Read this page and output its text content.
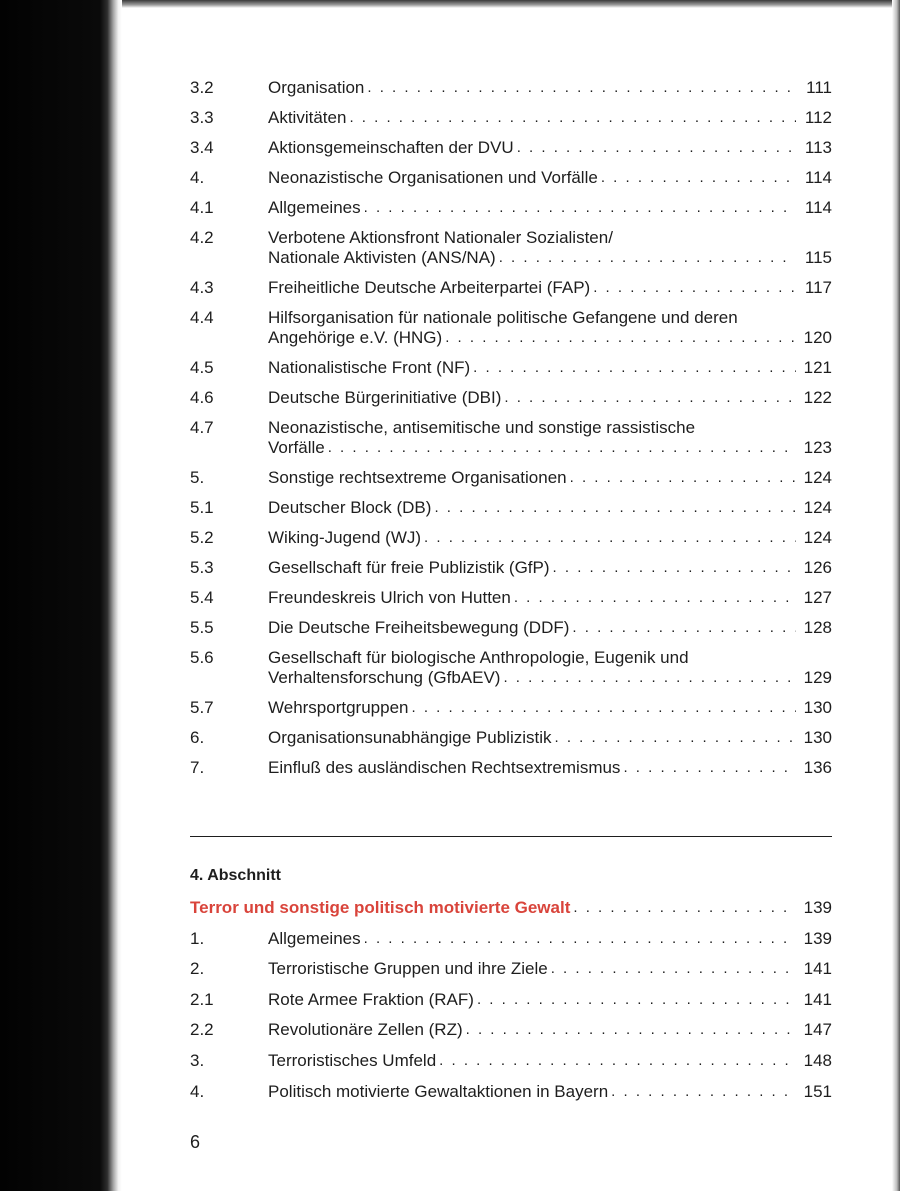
3.2	Organisation . . .	111
3.3	Aktivitäten . . .	112
3.4	Aktionsgemeinschaften der DVU . . .	113
4.	Neonazistische Organisationen und Vorfälle . . .	114
4.1	Allgemeines . . .	114
4.2	Verbotene Aktionsfront Nationaler Sozialisten/
Nationale Aktivisten (ANS/NA) . . .	115
4.3	Freiheitliche Deutsche Arbeiterpartei (FAP) . . .	117
4.4	Hilfsorganisation für nationale politische Gefangene und deren
Angehörige e.V. (HNG) . . .	120
4.5	Nationalistische Front (NF) . . .	121
4.6	Deutsche Bürgerinitiative (DBI) . . .	122
4.7	Neonazistische, antisemitische und sonstige rassistische
Vorfälle . . .	123
5.	Sonstige rechtsextreme Organisationen . . .	124
5.1	Deutscher Block (DB) . . .	124
5.2	Wiking-Jugend (WJ) . . .	124
5.3	Gesellschaft für freie Publizistik (GfP) . . .	126
5.4	Freundeskreis Ulrich von Hutten . . .	127
5.5	Die Deutsche Freiheitsbewegung (DDF) . . .	128
5.6	Gesellschaft für biologische Anthropologie, Eugenik und
Verhaltensforschung (GfbAEV) . . .	129
5.7	Wehrsportgruppen . . .	130
6.	Organisationsunabhängige Publizistik . . .	130
7.	Einfluß des ausländischen Rechtsextremismus . . .	136
4. Abschnitt
Terror und sonstige politisch motivierte Gewalt . . .	139
1.	Allgemeines . . .	139
2.	Terroristische Gruppen und ihre Ziele . . .	141
2.1	Rote Armee Fraktion (RAF) . . .	141
2.2	Revolutionäre Zellen (RZ) . . .	147
3.	Terroristisches Umfeld . . .	148
4.	Politisch motivierte Gewaltaktionen in Bayern . . .	151
6
